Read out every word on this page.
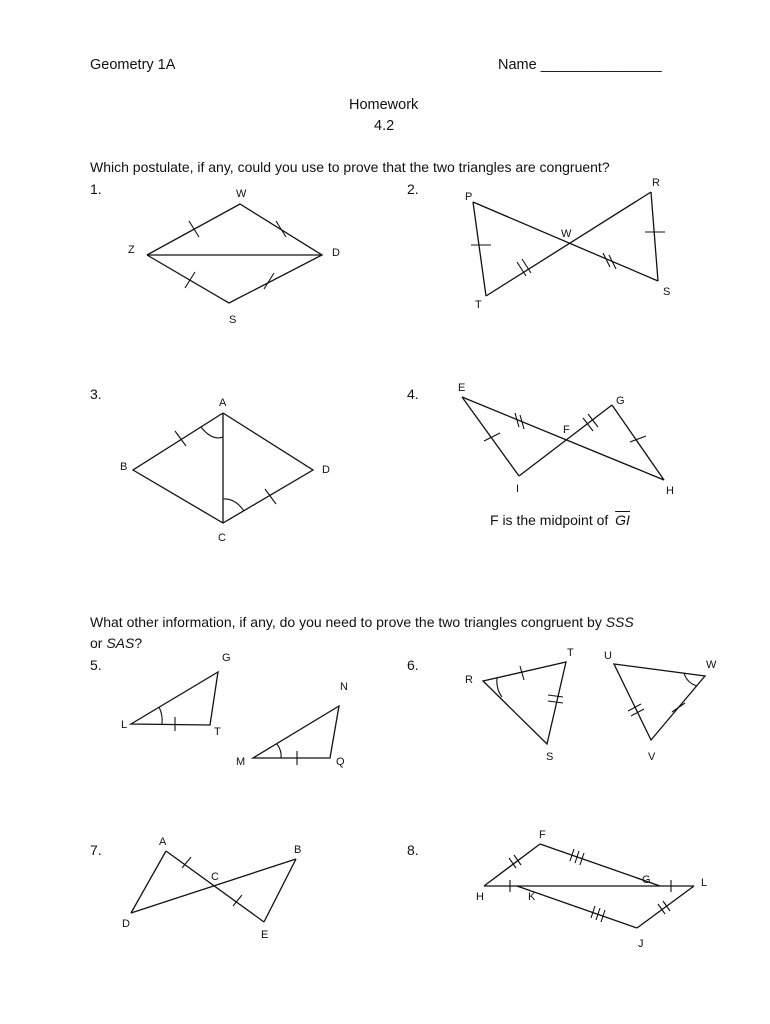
Geometry 1A	Name _______________
Homework
4.2
Which postulate, if any, could you use to prove that the two triangles are congruent?
1.	2.
3.	4.
F is the midpoint of $\overline{GI}$
What other information, if any, do you need to prove the two triangles congruent by SSS
or SAS?
5.	6.
7.	8.
W
Z	D
S
P
R
W
T
S
A
B	D
C
E
G
F
I	H
G
L
T
N
M	Q
T	U
R
W
S	V
A
B
C
D
E
F
G	L
H	K
J
